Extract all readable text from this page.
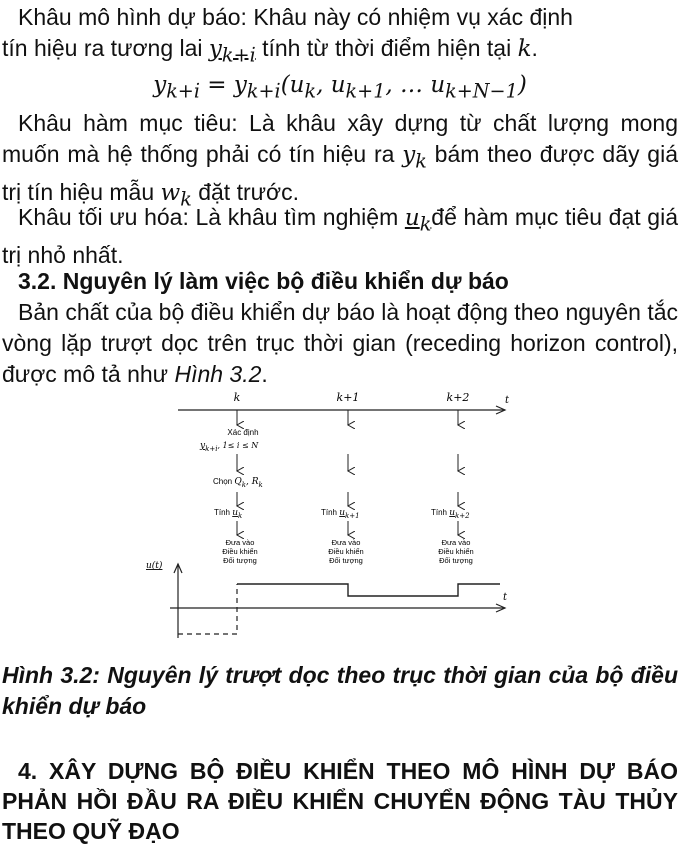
Khâu mô hình dự báo: Khâu này có nhiệm vụ xác định

tín hiệu ra tương lai $y_{k+i}$ tính từ thời điểm hiện tại k.

$y_{k+i} = y_{k+i}(u_k$, $u_{k+1}$, … $u_{k+N-1}$)

Khâu hàm mục tiêu: Là khâu xây dựng từ chất lượng mong muốn mà hệ thống phải có tín hiệu ra $y_k$ bám theo được dãy giá trị tín hiệu mẫu $w_k$ đặt trước.

Khâu tối ưu hóa: Là khâu tìm nghiệm $u_kđể$ hàm mục tiêu đạt giá trị nhỏ nhất.

3.2. Nguyên lý làm việc bộ điều khiển dự báo

Bản chất của bộ điều khiển dự báo là hoạt động theo nguyên tắc vòng lặp trượt dọc trên trục thời gian (receding horizon control), được mô tả như Hình 3.2.

k	k+1	k+2	t
Xác định
$y_{k+i}$, 1≤ i ≤ N
Chọn Qk, Rk
Tính uk
Đưa vào
Điều khiển
Đối tượng
Tính uk+1
Đưa vào
Điều khiển
Đối tượng
Tính uk+2
Đưa vào
Điều khiển
Đối tượng
u(t)
t

Hình 3.2: Nguyên lý trượt dọc theo trục thời gian của bộ điều khiển dự báo

4. XÂY DỰNG BỘ ĐIỀU KHIỂN THEO MÔ HÌNH DỰ BÁO PHẢN HỒI ĐẦU RA ĐIỀU KHIỂN CHUYỂN ĐỘNG TÀU THỦY THEO QUỸ ĐẠO
